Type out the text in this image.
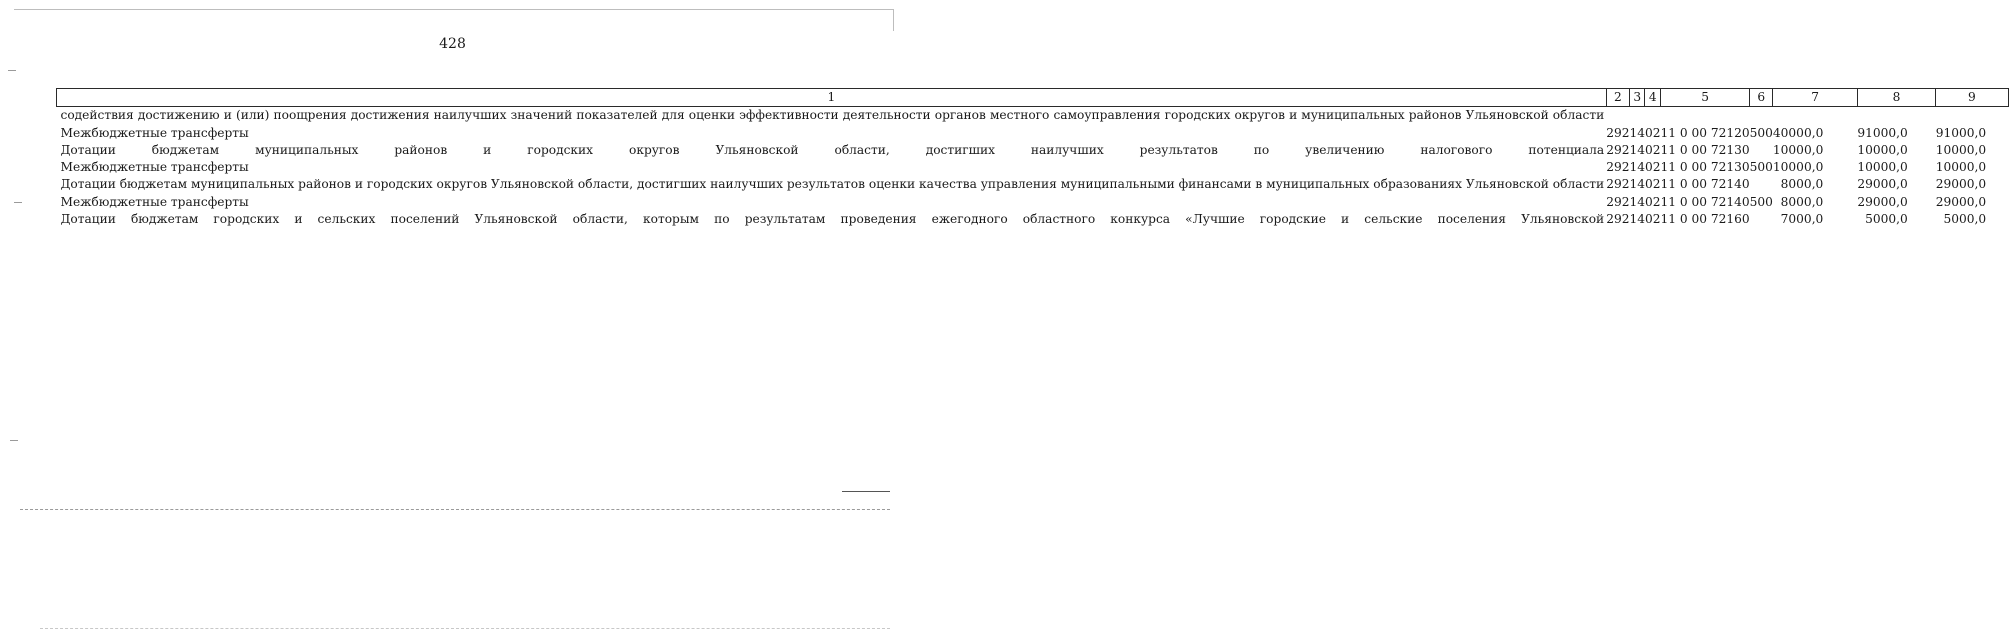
428
1	2	3	4	5	6	7	8	9
содействия достижению и (или) поощрения достижения наилучших значений показателей для оценки эффективности деятельности органов местного самоуправления городских округов и муниципальных районов Ульяновской области								
Межбюджетные трансферты	292	14	02	11 0 00 72120	500	40000,0	91000,0	91000,0
Дотации бюджетам муниципальных районов и городских округов Ульяновской области, достигших наилучших результатов по увеличению налогового потенциала	292	14	02	11 0 00 72130		10000,0	10000,0	10000,0
Межбюджетные трансферты	292	14	02	11 0 00 72130	500	10000,0	10000,0	10000,0
Дотации бюджетам муниципальных районов и городских округов Ульяновской области, достигших наилучших результатов оценки качества управления муниципальными финансами в муниципальных образованиях Ульяновской области	292	14	02	11 0 00 72140		8000,0	29000,0	29000,0
Межбюджетные трансферты	292	14	02	11 0 00 72140	500	8000,0	29000,0	29000,0
Дотации бюджетам городских и сельских поселений Ульяновской области, которым по результатам проведения ежегодного областного конкурса «Лучшие городские и сельские поселения Ульяновской	292	14	02	11 0 00 72160		7000,0	5000,0	5000,0
